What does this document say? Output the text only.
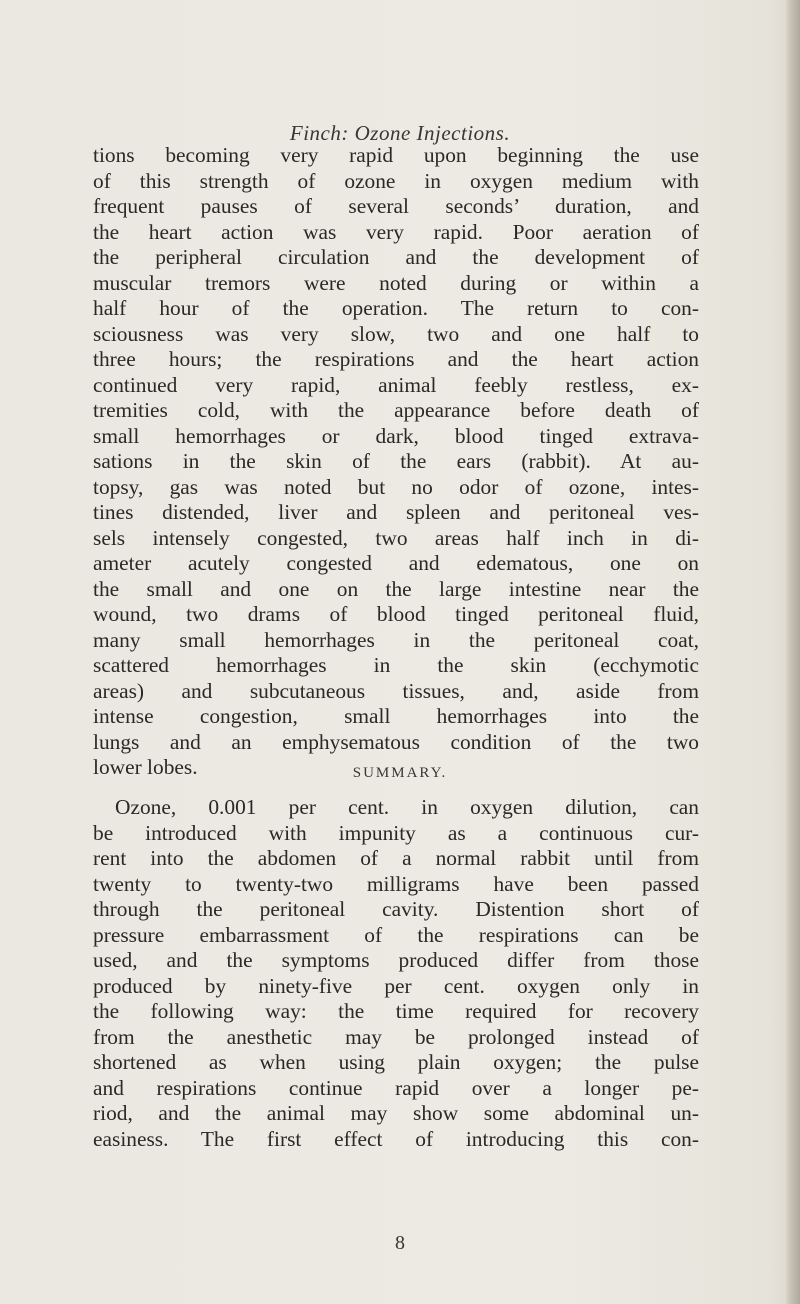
Finch: Ozone Injections.
tions becoming very rapid upon beginning the use
of this strength of ozone in oxygen medium with
frequent pauses of several seconds’ duration, and
the heart action was very rapid. Poor aeration of
the peripheral circulation and the development of
muscular tremors were noted during or within a
half hour of the operation. The return to con-
sciousness was very slow, two and one half to
three hours; the respirations and the heart action
continued very rapid, animal feebly restless, ex-
tremities cold, with the appearance before death of
small hemorrhages or dark, blood tinged extrava-
sations in the skin of the ears (rabbit). At au-
topsy, gas was noted but no odor of ozone, intes-
tines distended, liver and spleen and peritoneal ves-
sels intensely congested, two areas half inch in di-
ameter acutely congested and edematous, one on
the small and one on the large intestine near the
wound, two drams of blood tinged peritoneal fluid,
many small hemorrhages in the peritoneal coat,
scattered hemorrhages in the skin (ecchymotic
areas) and subcutaneous tissues, and, aside from
intense congestion, small hemorrhages into the
lungs and an emphysematous condition of the two
lower lobes.	SUMMARY.
Ozone, 0.001 per cent. in oxygen dilution, can
be introduced with impunity as a continuous cur-
rent into the abdomen of a normal rabbit until from
twenty to twenty-two milligrams have been passed
through the peritoneal cavity. Distention short of
pressure embarrassment of the respirations can be
used, and the symptoms produced differ from those
produced by ninety-five per cent. oxygen only in
the following way: the time required for recovery
from the anesthetic may be prolonged instead of
shortened as when using plain oxygen; the pulse
and respirations continue rapid over a longer pe-
riod, and the animal may show some abdominal un-
easiness. The first effect of introducing this con-
8
